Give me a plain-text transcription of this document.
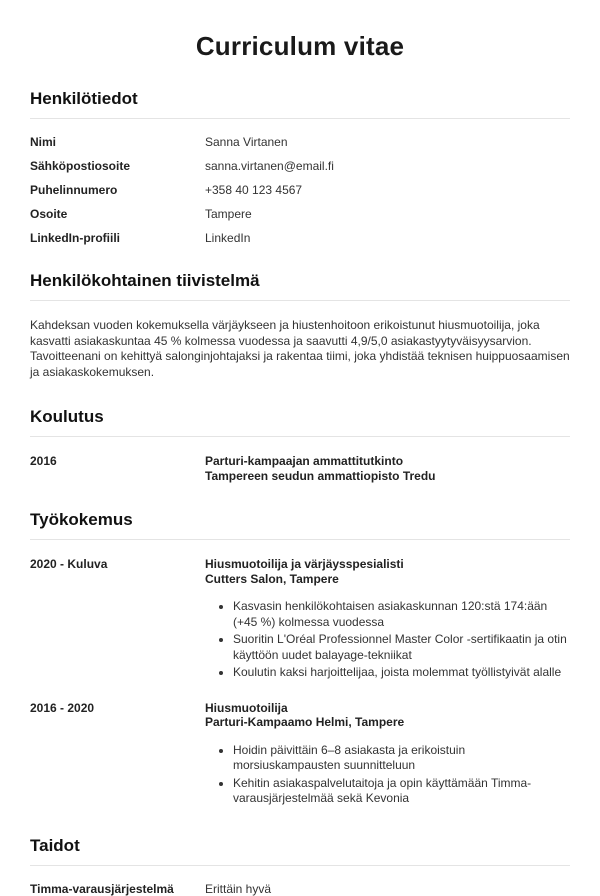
Curriculum vitae
Henkilötiedot
Nimi	Sanna Virtanen
Sähköpostiosoite	sanna.virtanen@email.fi
Puhelinnumero	+358 40 123 4567
Osoite	Tampere
LinkedIn-profiili	LinkedIn
Henkilökohtainen tiivistelmä

Kahdeksan vuoden kokemuksella värjäykseen ja hiustenhoitoon erikoistunut hiusmuotoilija, joka kasvatti asiakaskuntaa 45 % kolmessa vuodessa ja saavutti 4,9/5,0 asiakastyytyväisyysarvion. Tavoitteenani on kehittyä salonginjohtajaksi ja rakentaa tiimi, joka yhdistää teknisen huippuosaamisen ja asiakaskokemuksen.

Koulutus
2016	Parturi-kampaajan ammattitutkinto
Tampereen seudun ammattiopisto Tredu
Työkokemus
2020 - Kuluva	Hiusmuotoilija ja värjäysspesialisti
Cutters Salon, Tampere
• Kasvasin henkilökohtaisen asiakaskunnan 120:stä 174:ään (+45 %) kolmessa vuodessa
• Suoritin L'Oréal Professionnel Master Color -sertifikaatin ja otin käyttöön uudet balayage-tekniikat
• Koulutin kaksi harjoittelijaa, joista molemmat työllistyivät alalle
2016 - 2020	Hiusmuotoilija
Parturi-Kampaamo Helmi, Tampere
• Hoidin päivittäin 6–8 asiakasta ja erikoistuin morsiuskampausten suunnitteluun
• Kehitin asiakaspalvelutaitoja ja opin käyttämään Timma-varausjärjestelmää sekä Kevonia
Taidot
Timma-varausjärjestelmä	Erittäin hyvä
